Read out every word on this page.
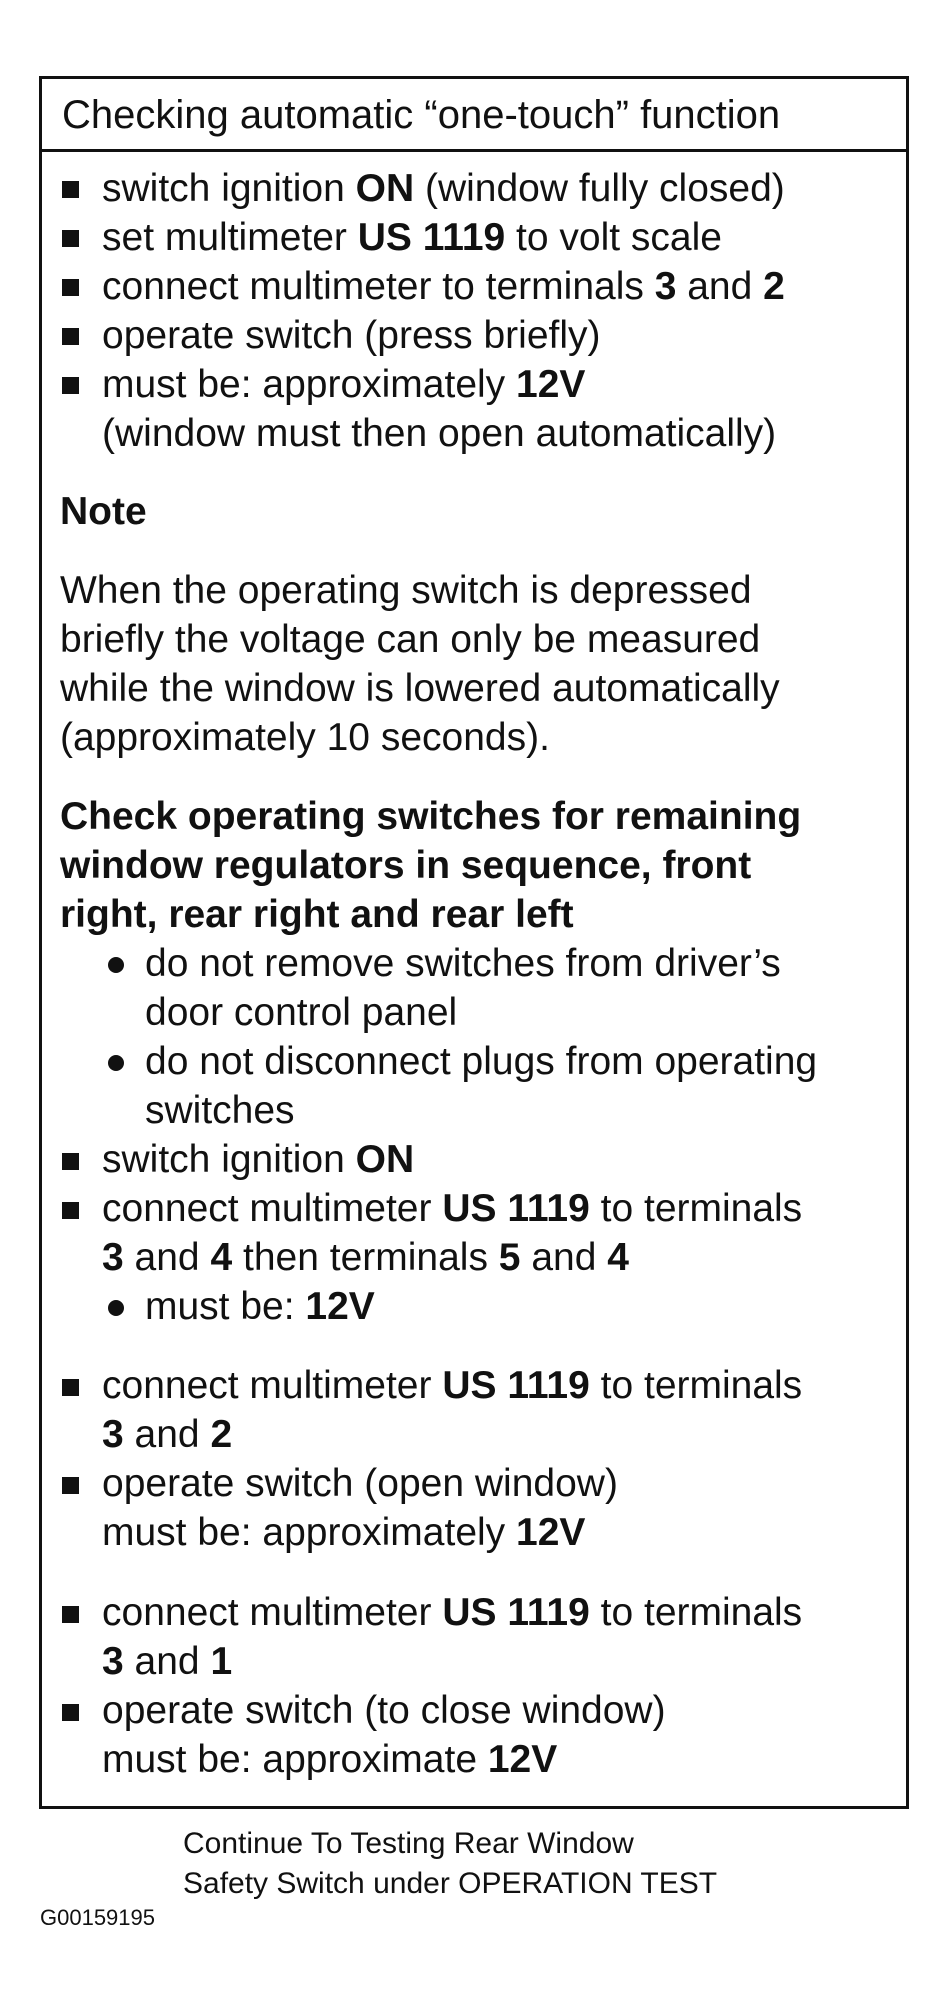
Checking automatic “one-touch” function
switch ignition ON (window fully closed)
set multimeter US 1119 to volt scale
connect multimeter to terminals 3 and 2
operate switch (press briefly)
must be: approximately 12V
(window must then open automatically)
Note
When the operating switch is depressed
briefly the voltage can only be measured
while the window is lowered automatically
(approximately 10 seconds).
Check operating switches for remaining
window regulators in sequence, front
right, rear right and rear left
do not remove switches from driver’s
door control panel
do not disconnect plugs from operating
switches
switch ignition ON
connect multimeter US 1119 to terminals
3 and 4 then terminals 5 and 4
must be: 12V
connect multimeter US 1119 to terminals
3 and 2
operate switch (open window)
must be: approximately 12V
connect multimeter US 1119 to terminals
3 and 1
operate switch (to close window)
must be: approximate 12V
Continue To Testing Rear Window
Safety Switch under OPERATION TEST
G00159195
